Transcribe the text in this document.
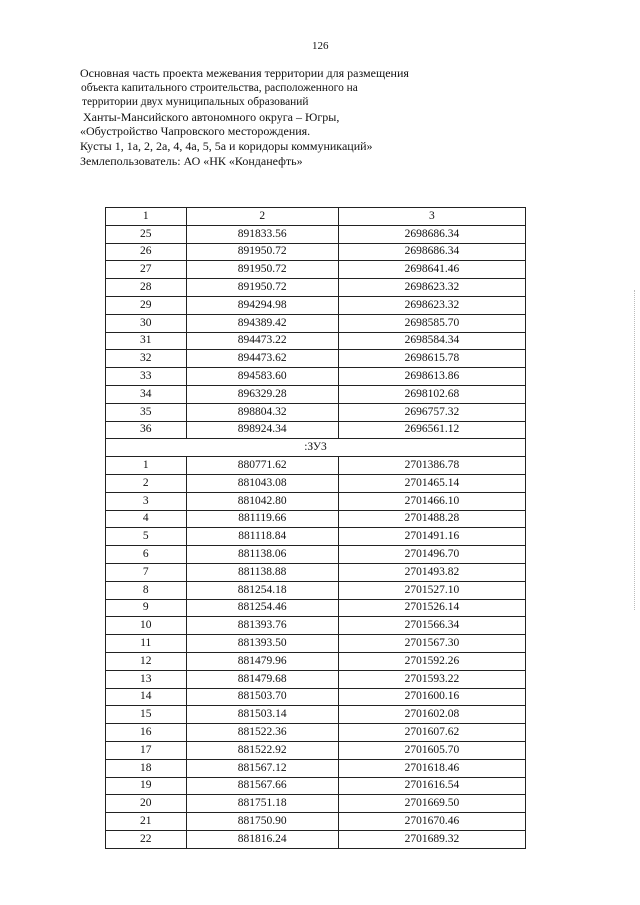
126
Основная часть проекта межевания территории для размещения
объекта капитального строительства, расположенного на
территории двух муниципальных образований
Ханты-Мансийского автономного округа – Югры,
«Обустройство Чапровского месторождения.
Кусты 1, 1а, 2, 2а, 4, 4а, 5, 5а и коридоры коммуникаций»
Землепользователь: АО «НК «Конданефть»
1	2	3
25	891833.56	2698686.34
26	891950.72	2698686.34
27	891950.72	2698641.46
28	891950.72	2698623.32
29	894294.98	2698623.32
30	894389.42	2698585.70
31	894473.22	2698584.34
32	894473.62	2698615.78
33	894583.60	2698613.86
34	896329.28	2698102.68
35	898804.32	2696757.32
36	898924.34	2696561.12
:ЗУ3		
1	880771.62	2701386.78
2	881043.08	2701465.14
3	881042.80	2701466.10
4	881119.66	2701488.28
5	881118.84	2701491.16
6	881138.06	2701496.70
7	881138.88	2701493.82
8	881254.18	2701527.10
9	881254.46	2701526.14
10	881393.76	2701566.34
11	881393.50	2701567.30
12	881479.96	2701592.26
13	881479.68	2701593.22
14	881503.70	2701600.16
15	881503.14	2701602.08
16	881522.36	2701607.62
17	881522.92	2701605.70
18	881567.12	2701618.46
19	881567.66	2701616.54
20	881751.18	2701669.50
21	881750.90	2701670.46
22	881816.24	2701689.32
